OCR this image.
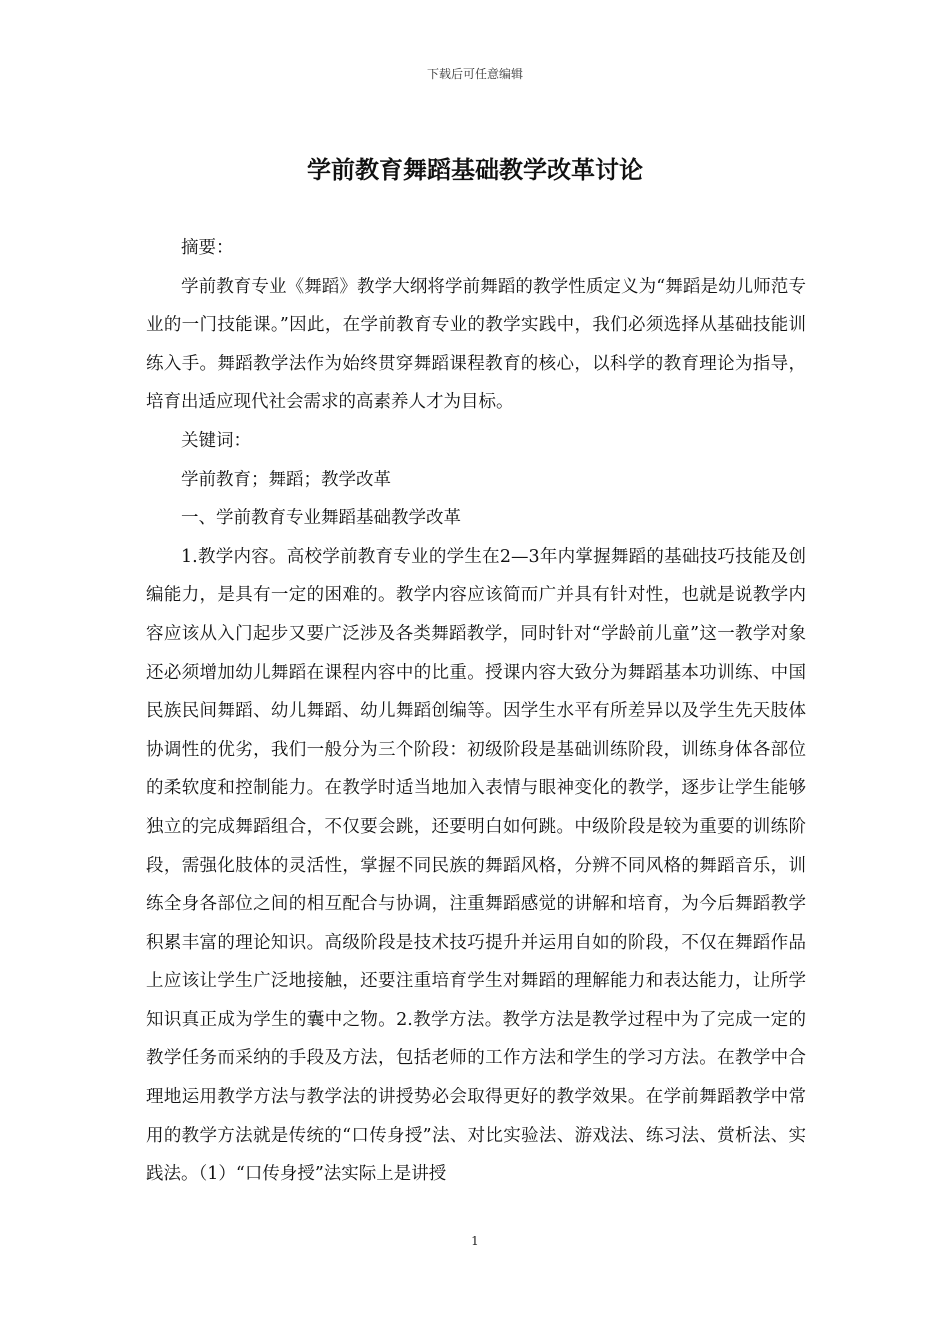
下载后可任意编辑
学前教育舞蹈基础教学改革讨论

摘要：

学前教育专业《舞蹈》教学大纲将学前舞蹈的教学性质定义为“舞蹈是幼儿师范专业的一门技能课。”因此，在学前教育专业的教学实践中，我们必须选择从基础技能训练入手。舞蹈教学法作为始终贯穿舞蹈课程教育的核心，以科学的教育理论为指导，培育出适应现代社会需求的高素养人才为目标。

关键词：

学前教育；舞蹈；教学改革

一、学前教育专业舞蹈基础教学改革

1.教学内容。高校学前教育专业的学生在2—3年内掌握舞蹈的基础技巧技能及创编能力，是具有一定的困难的。教学内容应该简而广并具有针对性，也就是说教学内容应该从入门起步又要广泛涉及各类舞蹈教学，同时针对“学龄前儿童”这一教学对象还必须增加幼儿舞蹈在课程内容中的比重。授课内容大致分为舞蹈基本功训练、中国民族民间舞蹈、幼儿舞蹈、幼儿舞蹈创编等。因学生水平有所差异以及学生先天肢体协调性的优劣，我们一般分为三个阶段：初级阶段是基础训练阶段，训练身体各部位的柔软度和控制能力。在教学时适当地加入表情与眼神变化的教学，逐步让学生能够独立的完成舞蹈组合，不仅要会跳，还要明白如何跳。中级阶段是较为重要的训练阶段，需强化肢体的灵活性，掌握不同民族的舞蹈风格，分辨不同风格的舞蹈音乐，训练全身各部位之间的相互配合与协调，注重舞蹈感觉的讲解和培育，为今后舞蹈教学积累丰富的理论知识。高级阶段是技术技巧提升并运用自如的阶段，不仅在舞蹈作品上应该让学生广泛地接触，还要注重培育学生对舞蹈的理解能力和表达能力，让所学知识真正成为学生的囊中之物。2.教学方法。教学方法是教学过程中为了完成一定的教学任务而采纳的手段及方法，包括老师的工作方法和学生的学习方法。在教学中合理地运用教学方法与教学法的讲授势必会取得更好的教学效果。在学前舞蹈教学中常用的教学方法就是传统的“口传身授”法、对比实验法、游戏法、练习法、赏析法、实践法。（1）“口传身授”法实际上是讲授

1
